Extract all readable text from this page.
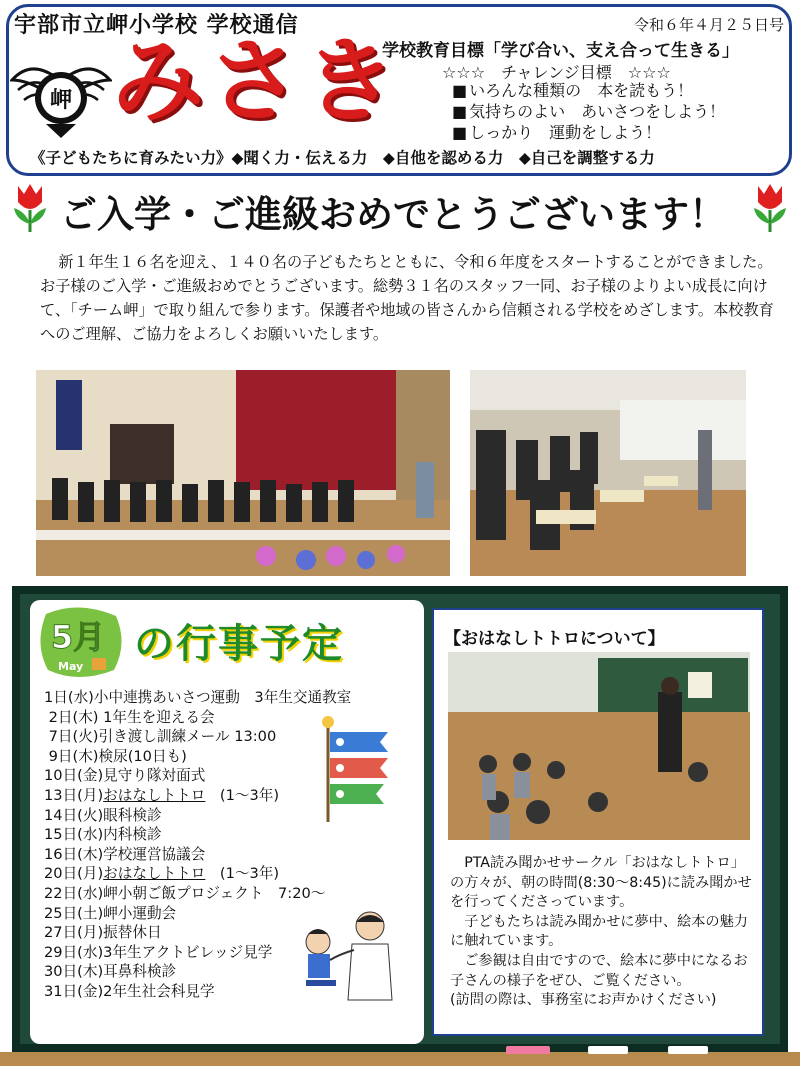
宇部市立岬小学校 学校通信	令和６年４月２５日号
岬 みさき
学校教育目標「学び合い、支え合って生きる」
☆☆☆　チャレンジ目標　☆☆☆
■ いろんな種類の　本を読もう！
■ 気持ちのよい　あいさつをしよう！
■ しっかり　運動をしよう！
《子どもたちに育みたい力》◆聞く力・伝える力　◆自他を認める力　◆自己を調整する力
ご入学・ご進級おめでとうございます！

新１年生１６名を迎え、１４０名の子どもたちとともに、令和６年度をスタートすることができました。お子様のご入学・ご進級おめでとうございます。総勢３１名のスタッフ一同、お子様のよりよい成長に向けて、「チーム岬」で取り組んで参ります。保護者や地域の皆さんから信頼される学校をめざします。本校教育へのご理解、ご協力をよろしくお願いいたします。

5月
May の行事予定
1日(水)小中連携あいさつ運動　3年生交通教室
2日(木) 1年生を迎える会
7日(火)引き渡し訓練メール 13:00
9日(木)検尿(10日も)
10日(金)見守り隊対面式
13日(月)おはなしトトロ　(1～3年)
14日(火)眼科検診
15日(水)内科検診
16日(木)学校運営協議会
20日(月)おはなしトトロ　(1～3年)
22日(水)岬小朝ご飯プロジェクト　7:20～
25日(土)岬小運動会
27日(月)振替休日
29日(水)3年生アクトビレッジ見学
30日(木)耳鼻科検診
31日(金)2年生社会科見学
【おはなしトトロについて】

PTA読み聞かせサークル「おはなしトトロ」の方々が、朝の時間(8:30～8:45)に読み聞かせを行ってくださっています。

子どもたちは読み聞かせに夢中、絵本の魅力に触れています。

ご参観は自由ですので、絵本に夢中になるお子さんの様子をぜひ、ご覧ください。

(訪問の際は、事務室にお声かけください)
